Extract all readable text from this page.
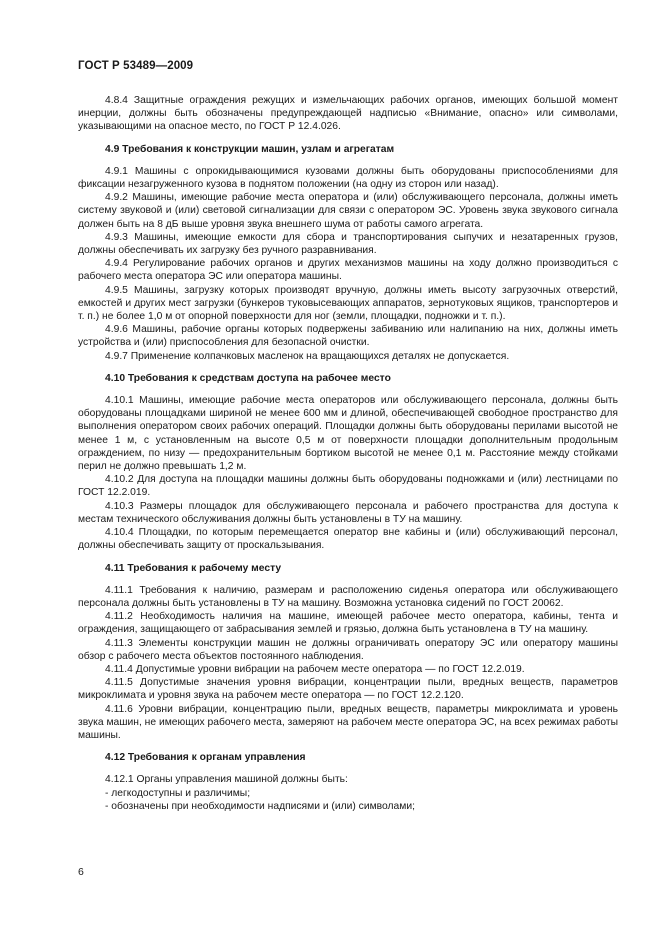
ГОСТ Р 53489—2009

4.8.4 Защитные ограждения режущих и измельчающих рабочих органов, имеющих большой момент инерции, должны быть обозначены предупреждающей надписью «Внимание, опасно» или символами, указывающими на опасное место, по ГОСТ Р 12.4.026.

4.9 Требования к конструкции машин, узлам и агрегатам

4.9.1 Машины с опрокидывающимися кузовами должны быть оборудованы приспособлениями для фиксации незагруженного кузова в поднятом положении (на одну из сторон или назад).

4.9.2 Машины, имеющие рабочие места оператора и (или) обслуживающего персонала, должны иметь систему звуковой и (или) световой сигнализации для связи с оператором ЭС. Уровень звука звукового сигнала должен быть на 8 дБ выше уровня звука внешнего шума от работы самого агрегата.

4.9.3 Машины, имеющие емкости для сбора и транспортирования сыпучих и незатаренных грузов, должны обеспечивать их загрузку без ручного разравнивания.

4.9.4 Регулирование рабочих органов и других механизмов машины на ходу должно производиться с рабочего места оператора ЭС или оператора машины.

4.9.5 Машины, загрузку которых производят вручную, должны иметь высоту загрузочных отверстий, емкостей и других мест загрузки (бункеров туковысевающих аппаратов, зернотуковых ящиков, транспортеров и т. п.) не более 1,0 м от опорной поверхности для ног (земли, площадки, подножки и т. п.).

4.9.6 Машины, рабочие органы которых подвержены забиванию или налипанию на них, должны иметь устройства и (или) приспособления для безопасной очистки.

4.9.7 Применение колпачковых масленок на вращающихся деталях не допускается.

4.10 Требования к средствам доступа на рабочее место

4.10.1 Машины, имеющие рабочие места операторов или обслуживающего персонала, должны быть оборудованы площадками шириной не менее 600 мм и длиной, обеспечивающей свободное пространство для выполнения оператором своих рабочих операций. Площадки должны быть оборудованы перилами высотой не менее 1 м, с установленным на высоте 0,5 м от поверхности площадки дополнительным продольным ограждением, по низу — предохранительным бортиком высотой не менее 0,1 м. Расстояние между стойками перил не должно превышать 1,2 м.

4.10.2 Для доступа на площадки машины должны быть оборудованы подножками и (или) лестницами по ГОСТ 12.2.019.

4.10.3 Размеры площадок для обслуживающего персонала и рабочего пространства для доступа к местам технического обслуживания должны быть установлены в ТУ на машину.

4.10.4 Площадки, по которым перемещается оператор вне кабины и (или) обслуживающий персонал, должны обеспечивать защиту от проскальзывания.

4.11 Требования к рабочему месту

4.11.1 Требования к наличию, размерам и расположению сиденья оператора или обслуживающего персонала должны быть установлены в ТУ на машину. Возможна установка сидений по ГОСТ 20062.

4.11.2 Необходимость наличия на машине, имеющей рабочее место оператора, кабины, тента и ограждения, защищающего от забрасывания землей и грязью, должна быть установлена в ТУ на машину.

4.11.3 Элементы конструкции машин не должны ограничивать оператору ЭС или оператору машины обзор с рабочего места объектов постоянного наблюдения.

4.11.4 Допустимые уровни вибрации на рабочем месте оператора — по ГОСТ 12.2.019.

4.11.5 Допустимые значения уровня вибрации, концентрации пыли, вредных веществ, параметров микроклимата и уровня звука на рабочем месте оператора — по ГОСТ 12.2.120.

4.11.6 Уровни вибрации, концентрацию пыли, вредных веществ, параметры микроклимата и уровень звука машин, не имеющих рабочего места, замеряют на рабочем месте оператора ЭС, на всех режимах работы машины.

4.12 Требования к органам управления

4.12.1 Органы управления машиной должны быть:

- легкодоступны и различимы;

- обозначены при необходимости надписями и (или) символами;

6
